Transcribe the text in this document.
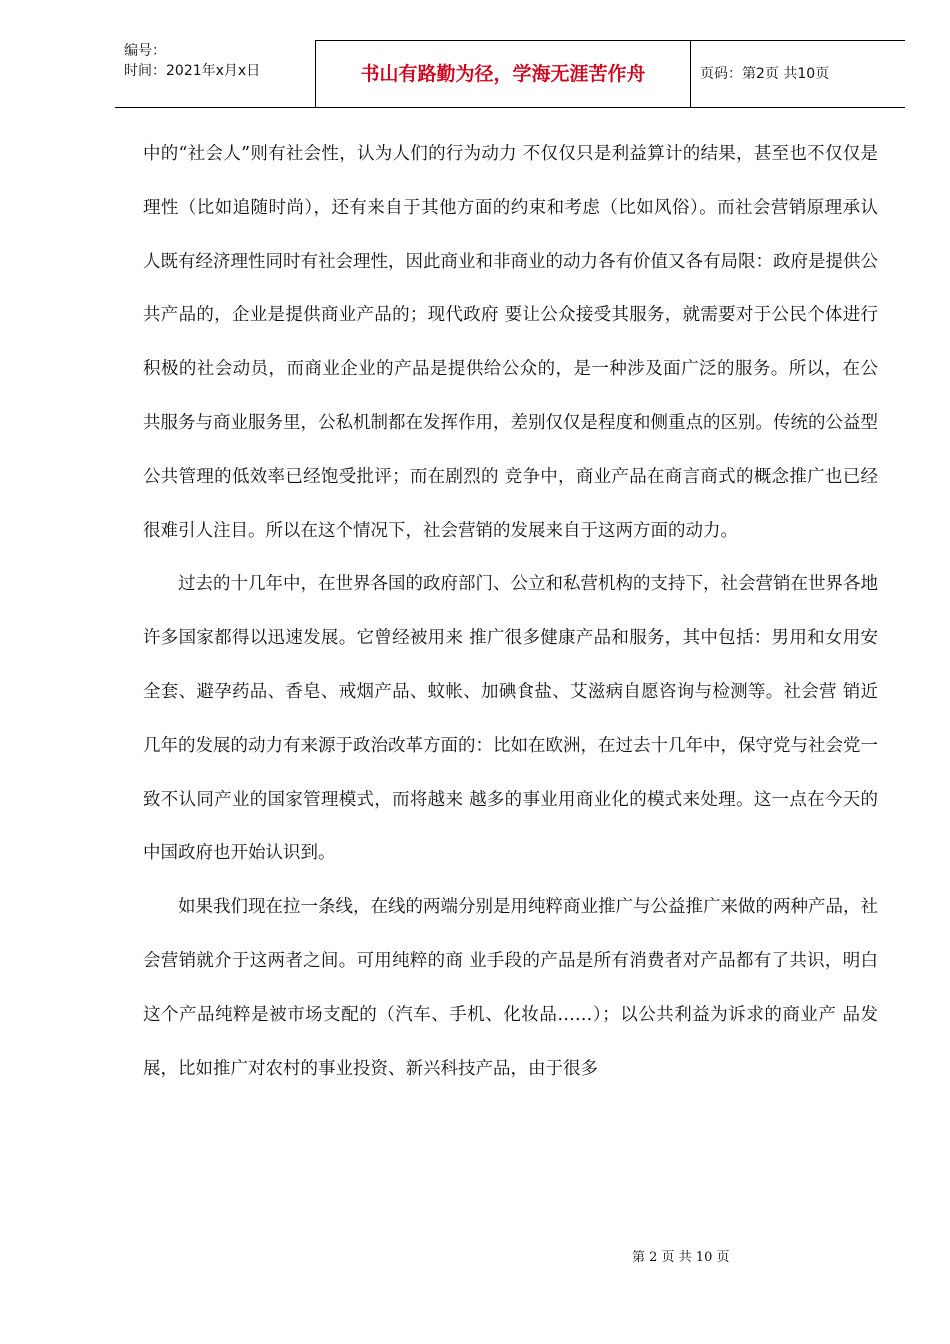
编号：
时间：2021年x月x日	书山有路勤为径，学海无涯苦作舟	页码：第2页 共10页

中的“社会人”则有社会性，认为人们的行为动力 不仅仅只是利益算计的结果，甚至也不仅仅是理性（比如追随时尚），还有来自于其他方面的约束和考虑（比如风俗）。而社会营销原理承认 人既有经济理性同时有社会理性，因此商业和非商业的动力各有价值又各有局限：政府是提供公共产品的，企业是提供商业产品的；现代政府 要让公众接受其服务，就需要对于公民个体进行积极的社会动员，而商业企业的产品是提供给公众的，是一种涉及面广泛的服务。所以，在公 共服务与商业服务里，公私机制都在发挥作用，差别仅仅是程度和侧重点的区别。传统的公益型公共管理的低效率已经饱受批评；而在剧烈的 竞争中，商业产品在商言商式的概念推广也已经很难引人注目。所以在这个情况下，社会营销的发展来自于这两方面的动力。

过去的十几年中，在世界各国的政府部门、公立和私营机构的支持下，社会营销在世界各地许多国家都得以迅速发展。它曾经被用来 推广很多健康产品和服务，其中包括：男用和女用安全套、避孕药品、香皂、戒烟产品、蚊帐、加碘食盐、艾滋病自愿咨询与检测等。社会营 销近几年的发展的动力有来源于政治改革方面的：比如在欧洲，在过去十几年中，保守党与社会党一致不认同产业的国家管理模式，而将越来 越多的事业用商业化的模式来处理。这一点在今天的中国政府也开始认识到。

如果我们现在拉一条线，在线的两端分别是用纯粹商业推广与公益推广来做的两种产品，社会营销就介于这两者之间。可用纯粹的商 业手段的产品是所有消费者对产品都有了共识，明白这个产品纯粹是被市场支配的（汽车、手机、化妆品……）；以公共利益为诉求的商业产 品发展，比如推广对农村的事业投资、新兴科技产品，由于很多

第 2 页 共 10 页
